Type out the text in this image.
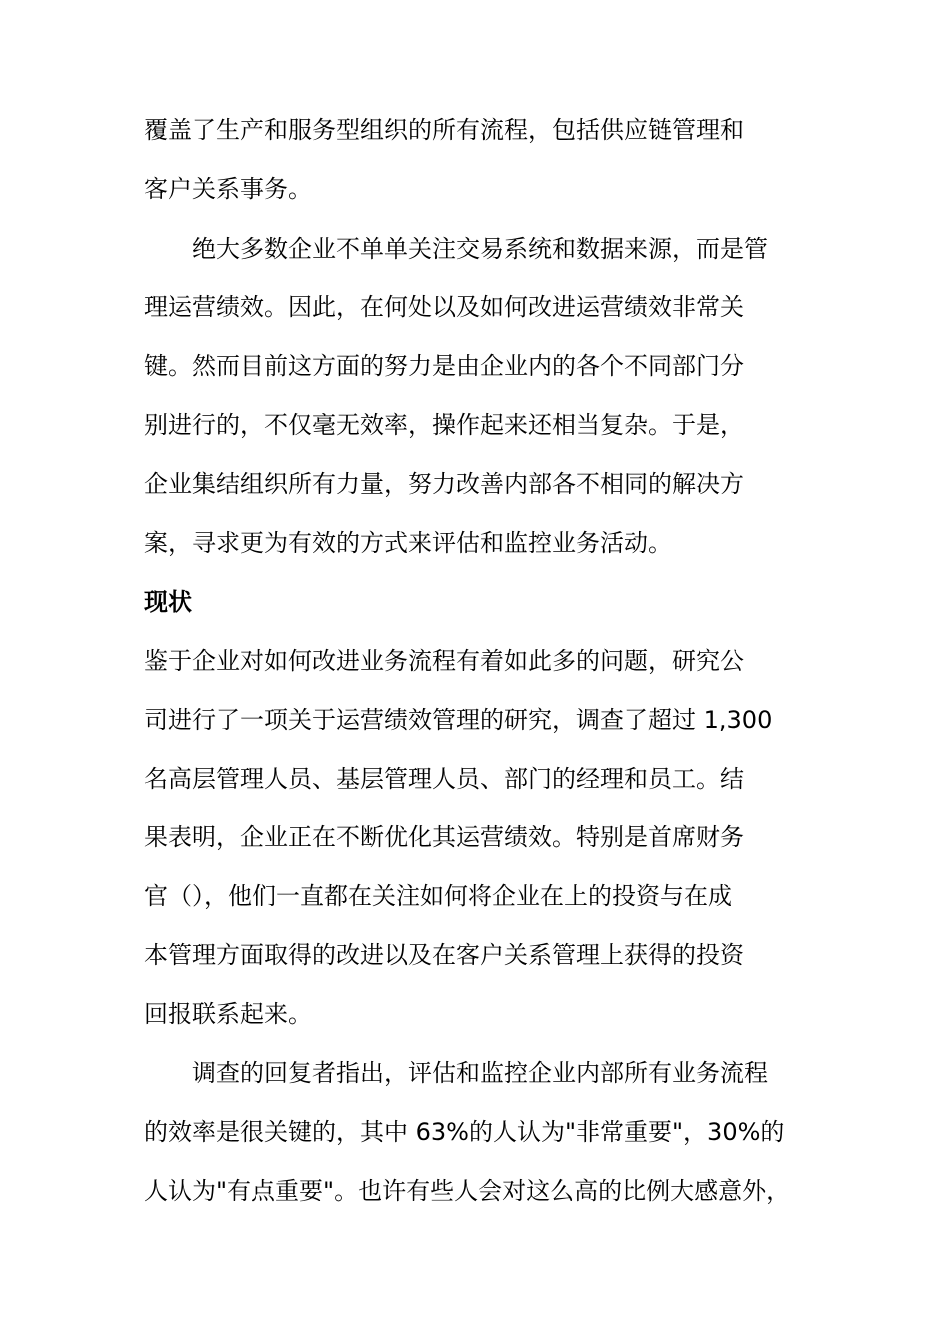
覆盖了生产和服务型组织的所有流程，包括供应链管理和
客户关系事务。
　　绝大多数企业不单单关注交易系统和数据来源，而是管
理运营绩效。因此，在何处以及如何改进运营绩效非常关
键。然而目前这方面的努力是由企业内的各个不同部门分
别进行的，不仅毫无效率，操作起来还相当复杂。于是，
企业集结组织所有力量，努力改善内部各不相同的解决方
案，寻求更为有效的方式来评估和监控业务活动。
现状
鉴于企业对如何改进业务流程有着如此多的问题，研究公
司进行了一项关于运营绩效管理的研究，调查了超过 1,300
名高层管理人员、基层管理人员、部门的经理和员工。结
果表明，企业正在不断优化其运营绩效。特别是首席财务
官（），他们一直都在关注如何将企业在上的投资与在成
本管理方面取得的改进以及在客户关系管理上获得的投资
回报联系起来。
　　调查的回复者指出，评估和监控企业内部所有业务流程
的效率是很关键的，其中 63%的人认为"非常重要"，30%的
人认为"有点重要"。也许有些人会对这么高的比例大感意外，
